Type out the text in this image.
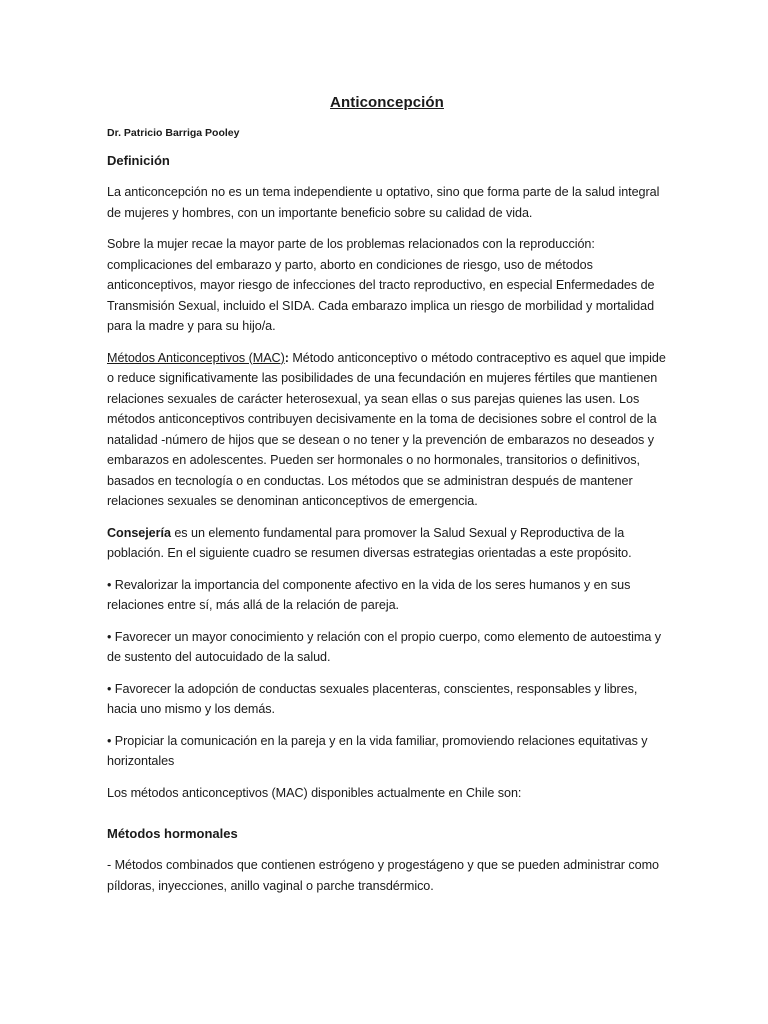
Anticoncepción
Dr. Patricio Barriga Pooley
Definición

La anticoncepción no es un tema independiente u optativo, sino que forma parte de la salud integral de mujeres y hombres, con un importante beneficio sobre su calidad de vida.

Sobre la mujer recae la mayor parte de los problemas relacionados con la reproducción: complicaciones del embarazo y parto, aborto en condiciones de riesgo, uso de métodos anticonceptivos, mayor riesgo de infecciones del tracto reproductivo, en especial Enfermedades de Transmisión Sexual, incluido el SIDA. Cada embarazo implica un riesgo de morbilidad y mortalidad para la madre y para su hijo/a.

Métodos Anticonceptivos (MAC): Método anticonceptivo o método contraceptivo es aquel que impide o reduce significativamente las posibilidades de una fecundación en mujeres fértiles que mantienen relaciones sexuales de carácter heterosexual, ya sean ellas o sus parejas quienes las usen. Los métodos anticonceptivos contribuyen decisivamente en la toma de decisiones sobre el control de la natalidad -número de hijos que se desean o no tener y la prevención de embarazos no deseados y embarazos en adolescentes. Pueden ser hormonales o no hormonales, transitorios o definitivos, basados en tecnología o en conductas. Los métodos que se administran después de mantener relaciones sexuales se denominan anticonceptivos de emergencia.

Consejería es un elemento fundamental para promover la Salud Sexual y Reproductiva de la población. En el siguiente cuadro se resumen diversas estrategias orientadas a este propósito.

• Revalorizar la importancia del componente afectivo en la vida de los seres humanos y en sus relaciones entre sí, más allá de la relación de pareja.

• Favorecer un mayor conocimiento y relación con el propio cuerpo, como elemento de autoestima y de sustento del autocuidado de la salud.

• Favorecer la adopción de conductas sexuales placenteras, conscientes, responsables y libres, hacia uno mismo y los demás.

• Propiciar la comunicación en la pareja y en la vida familiar, promoviendo relaciones equitativas y horizontales

Los métodos anticonceptivos (MAC) disponibles actualmente en Chile son:

Métodos hormonales

- Métodos combinados que contienen estrógeno y progestágeno y que se pueden administrar como píldoras, inyecciones, anillo vaginal o parche transdérmico.
